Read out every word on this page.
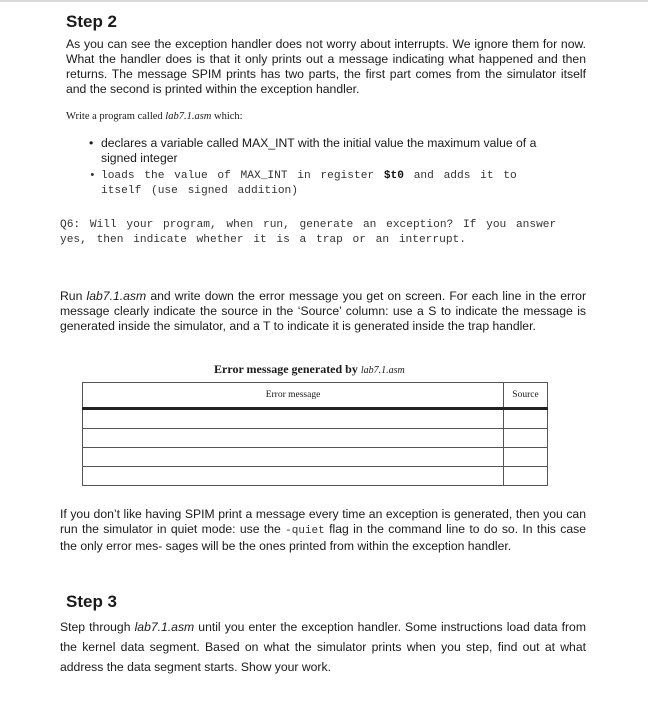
Step 2

As you can see the exception handler does not worry about interrupts. We ignore them for now. What the handler does is that it only prints out a message indicating what happened and then returns. The message SPIM prints has two parts, the first part comes from the simulator itself and the second is printed within the exception handler.

Write a program called lab7.1.asm which:

• declares a variable called MAX_INT with the initial value the maximum value of a signed integer
• loads the value of MAX_INT in register $t0 and adds it to itself (use signed addition)

Q6: Will your program, when run, generate an exception? If you answer yes, then indicate whether it is a trap or an interrupt.

Run lab7.1.asm and write down the error message you get on screen. For each line in the error message clearly indicate the source in the ‘Source’ column: use a S to indicate the message is generated inside the simulator, and a T to indicate it is generated inside the trap handler.

Error message generated by lab7.1.asm

Error message	Source

If you don’t like having SPIM print a message every time an exception is generated, then you can run the simulator in quiet mode: use the -quiet flag in the command line to do so. In this case the only error mes- sages will be the ones printed from within the exception handler.

Step 3

Step through lab7.1.asm until you enter the exception handler. Some instructions load data from the kernel data segment. Based on what the simulator prints when you step, find out at what address the data segment starts. Show your work.
